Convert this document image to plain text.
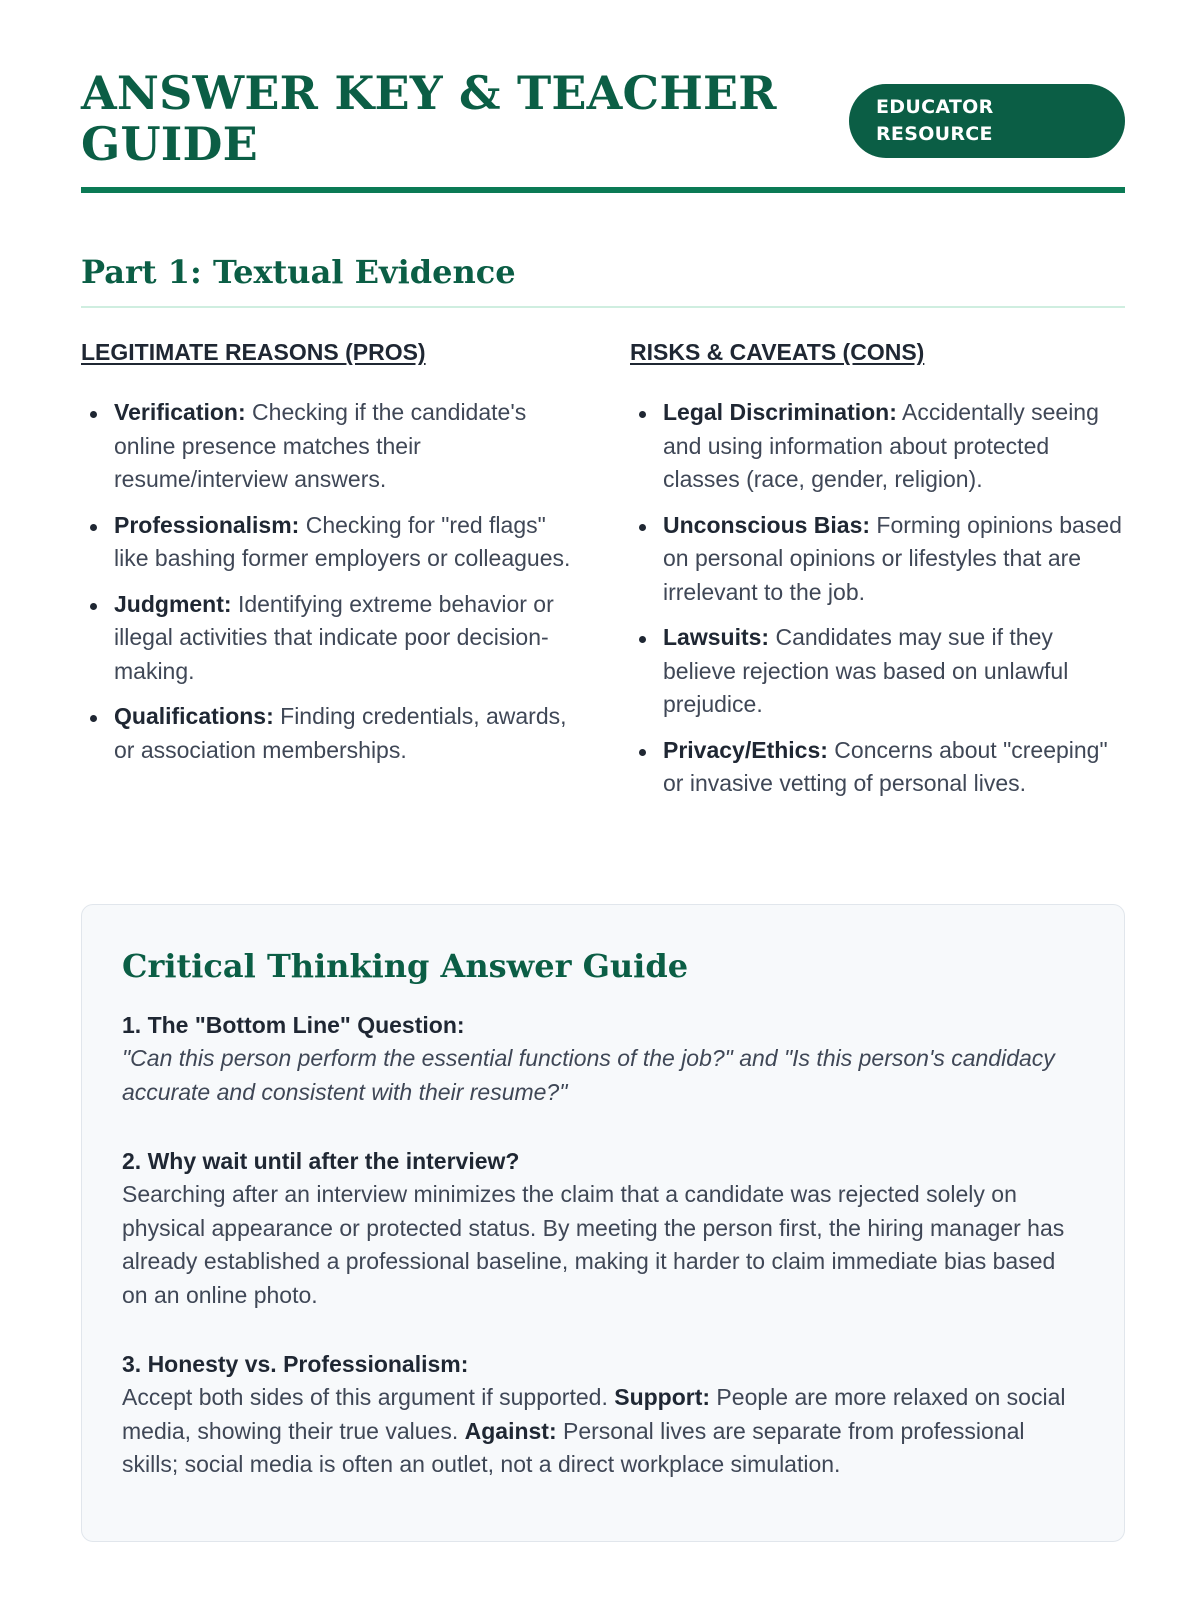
ANSWER KEY & TEACHER GUIDE
EDUCATOR RESOURCE
Part 1: Textual Evidence
LEGITIMATE REASONS (PROS)
Verification: Checking if the candidate's online presence matches their resume/interview answers.
Professionalism: Checking for "red flags" like bashing former employers or colleagues.
Judgment: Identifying extreme behavior or illegal activities that indicate poor decision-making.
Qualifications: Finding credentials, awards, or association memberships.
RISKS & CAVEATS (CONS)
Legal Discrimination: Accidentally seeing and using information about protected classes (race, gender, religion).
Unconscious Bias: Forming opinions based on personal opinions or lifestyles that are irrelevant to the job.
Lawsuits: Candidates may sue if they believe rejection was based on unlawful prejudice.
Privacy/Ethics: Concerns about "creeping" or invasive vetting of personal lives.
Critical Thinking Answer Guide
1. The "Bottom Line" Question:
"Can this person perform the essential functions of the job?" and "Is this person's candidacy accurate and consistent with their resume?"
2. Why wait until after the interview?
Searching after an interview minimizes the claim that a candidate was rejected solely on physical appearance or protected status. By meeting the person first, the hiring manager has already established a professional baseline, making it harder to claim immediate bias based on an online photo.
3. Honesty vs. Professionalism:
Accept both sides of this argument if supported. Support: People are more relaxed on social media, showing their true values. Against: Personal lives are separate from professional skills; social media is often an outlet, not a direct workplace simulation.
